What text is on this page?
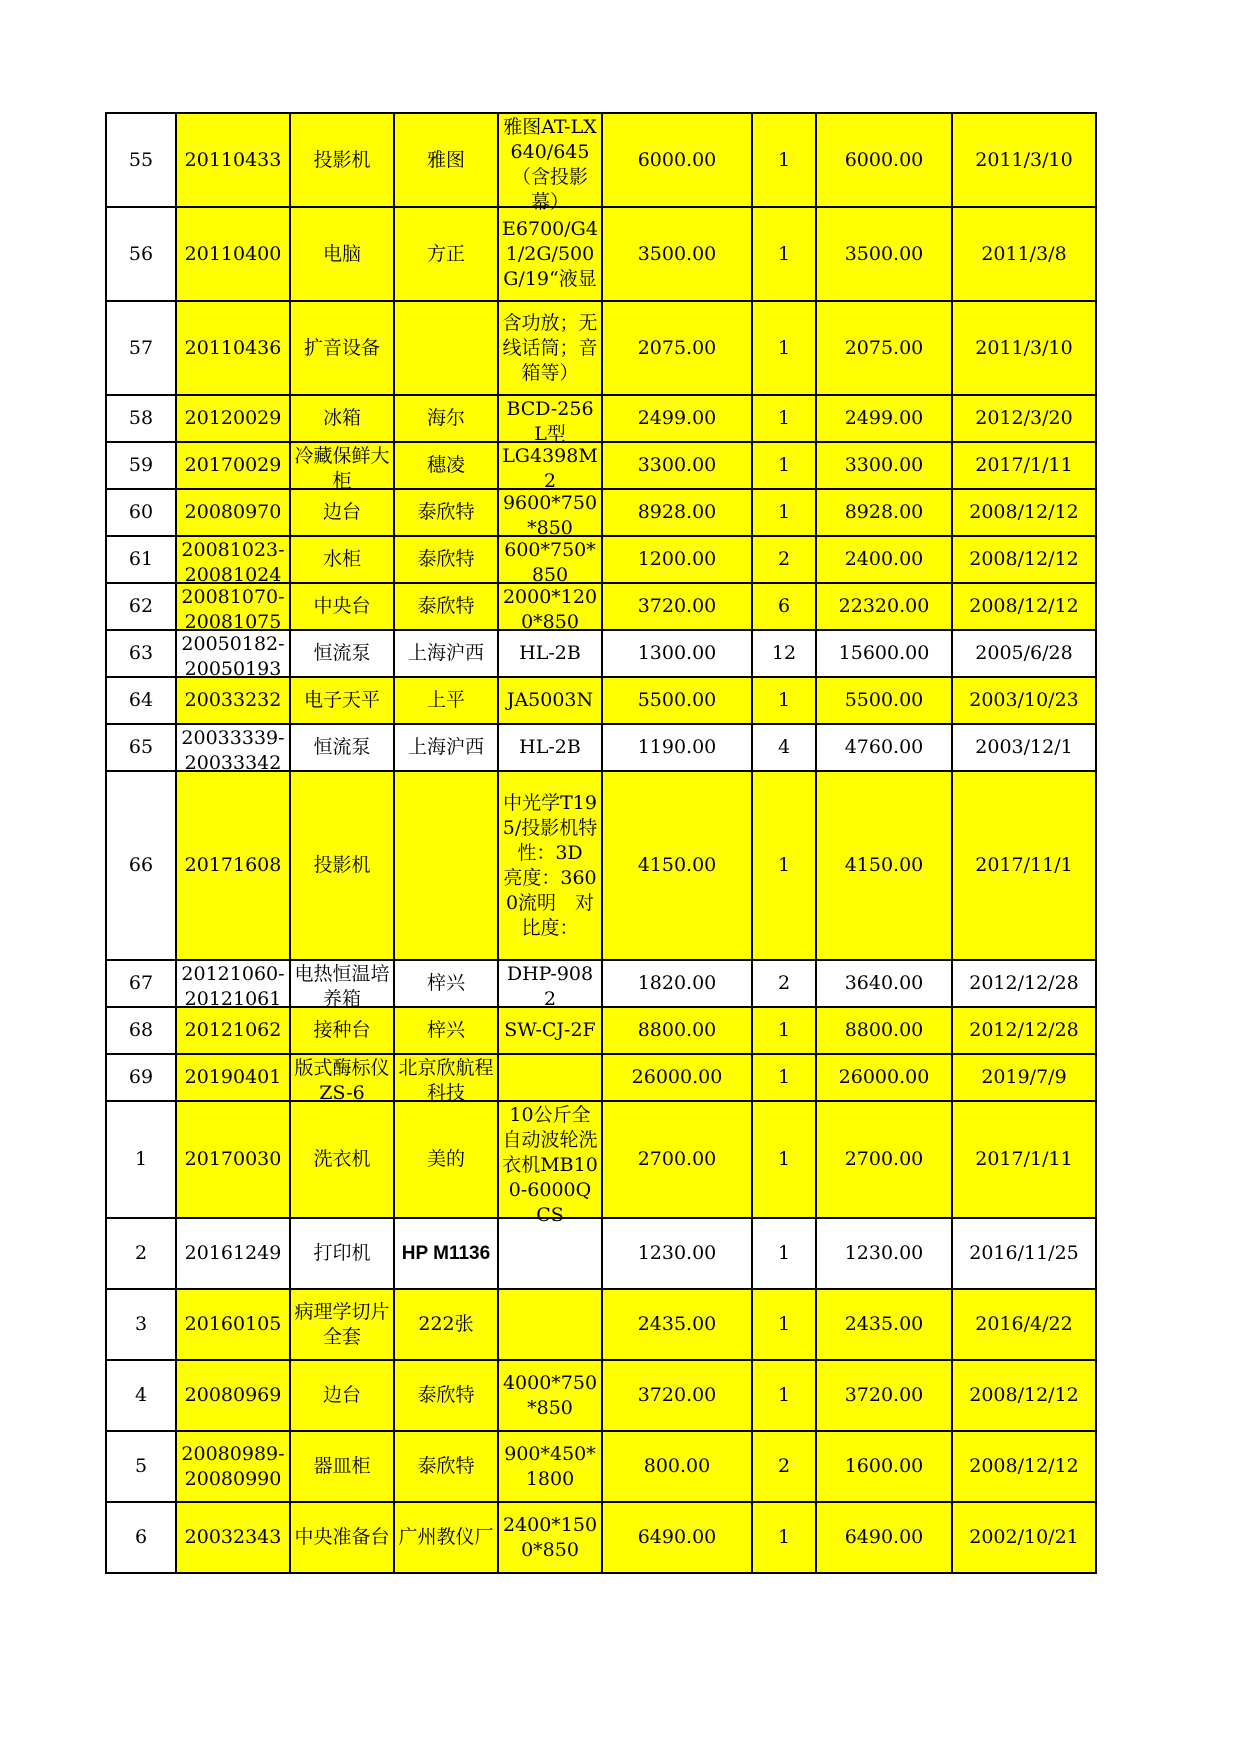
55	20110433	投影机	雅图	雅图AT-LX640/645（含投影幕）	6000.00	1	6000.00	2011/3/10

56	20110400	电脑	方正	E6700/G41/2G/500G/19“液显	3500.00	1	3500.00	2011/3/8

57	20110436	扩音设备		含功放；无线话筒；音箱等）	2075.00	1	2075.00	2011/3/10

58	20120029	冰箱	海尔	BCD-256L型	2499.00	1	2499.00	2012/3/20

59	20170029	冷藏保鲜大柜	穗凌	LG4398M2	3300.00	1	3300.00	2017/1/11

60	20080970	边台	泰欣特	9600*750*850	8928.00	1	8928.00	2008/12/12

61	20081023-20081024	水柜	泰欣特	600*750*850	1200.00	2	2400.00	2008/12/12

62	20081070-20081075	中央台	泰欣特	2000*1200*850	3720.00	6	22320.00	2008/12/12

63	20050182-20050193	恒流泵	上海沪西	HL-2B	1300.00	12	15600.00	2005/6/28

64	20033232	电子天平	上平	JA5003N	5500.00	1	5500.00	2003/10/23

65	20033339-20033342	恒流泵	上海沪西	HL-2B	1190.00	4	4760.00	2003/12/1

66	20171608	投影机		中光学T195/投影机特性：3D　亮度：3600流明　对比度：	4150.00	1	4150.00	2017/11/1

67	20121060-20121061	电热恒温培养箱	梓兴	DHP-9082	1820.00	2	3640.00	2012/12/28

68	20121062	接种台	梓兴	SW-CJ-2F	8800.00	1	8800.00	2012/12/28

69	20190401	版式酶标仪ZS-6	北京欣航程科技		26000.00	1	26000.00	2019/7/9

1	20170030	洗衣机	美的	10公斤全自动波轮洗衣机MB100-6000QCS	2700.00	1	2700.00	2017/1/11

2	20161249	打印机	HP M1136		1230.00	1	1230.00	2016/11/25

3	20160105	病理学切片全套	222张		2435.00	1	2435.00	2016/4/22

4	20080969	边台	泰欣特	4000*750*850	3720.00	1	3720.00	2008/12/12

5	20080989-20080990	器皿柜	泰欣特	900*450*1800	800.00	2	1600.00	2008/12/12

6	20032343	中央准备台	广州教仪厂	2400*1500*850	6490.00	1	6490.00	2002/10/21
